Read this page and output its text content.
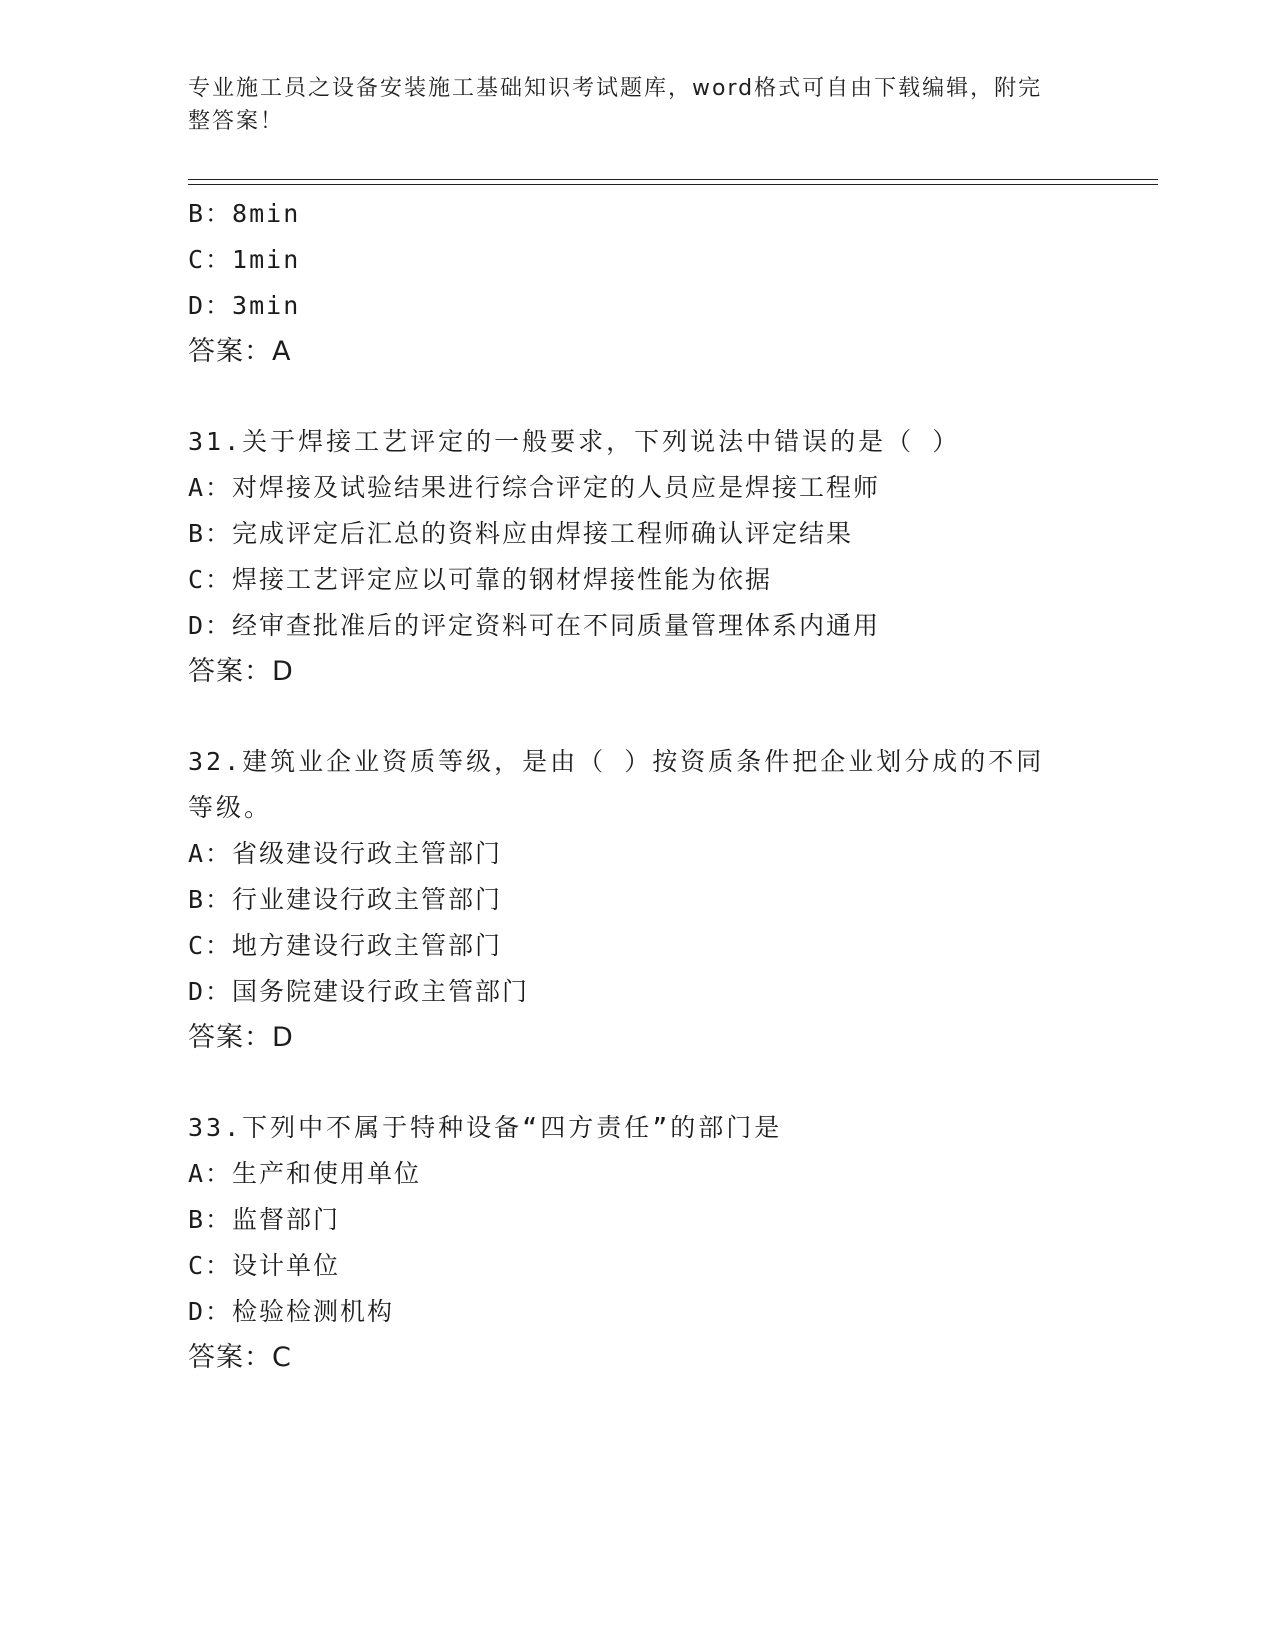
专业施工员之设备安装施工基础知识考试题库，word格式可自由下载编辑，附完
整答案！
B：8min
C：1min
D：3min
答案：A
31.关于焊接工艺评定的一般要求，下列说法中错误的是（ ）
A：对焊接及试验结果进行综合评定的人员应是焊接工程师
B：完成评定后汇总的资料应由焊接工程师确认评定结果
C：焊接工艺评定应以可靠的钢材焊接性能为依据
D：经审查批准后的评定资料可在不同质量管理体系内通用
答案：D
32.建筑业企业资质等级，是由（ ）按资质条件把企业划分成的不同
等级。
A：省级建设行政主管部门
B：行业建设行政主管部门
C：地方建设行政主管部门
D：国务院建设行政主管部门
答案：D
33.下列中不属于特种设备“四方责任”的部门是
A：生产和使用单位
B：监督部门
C：设计单位
D：检验检测机构
答案：C
